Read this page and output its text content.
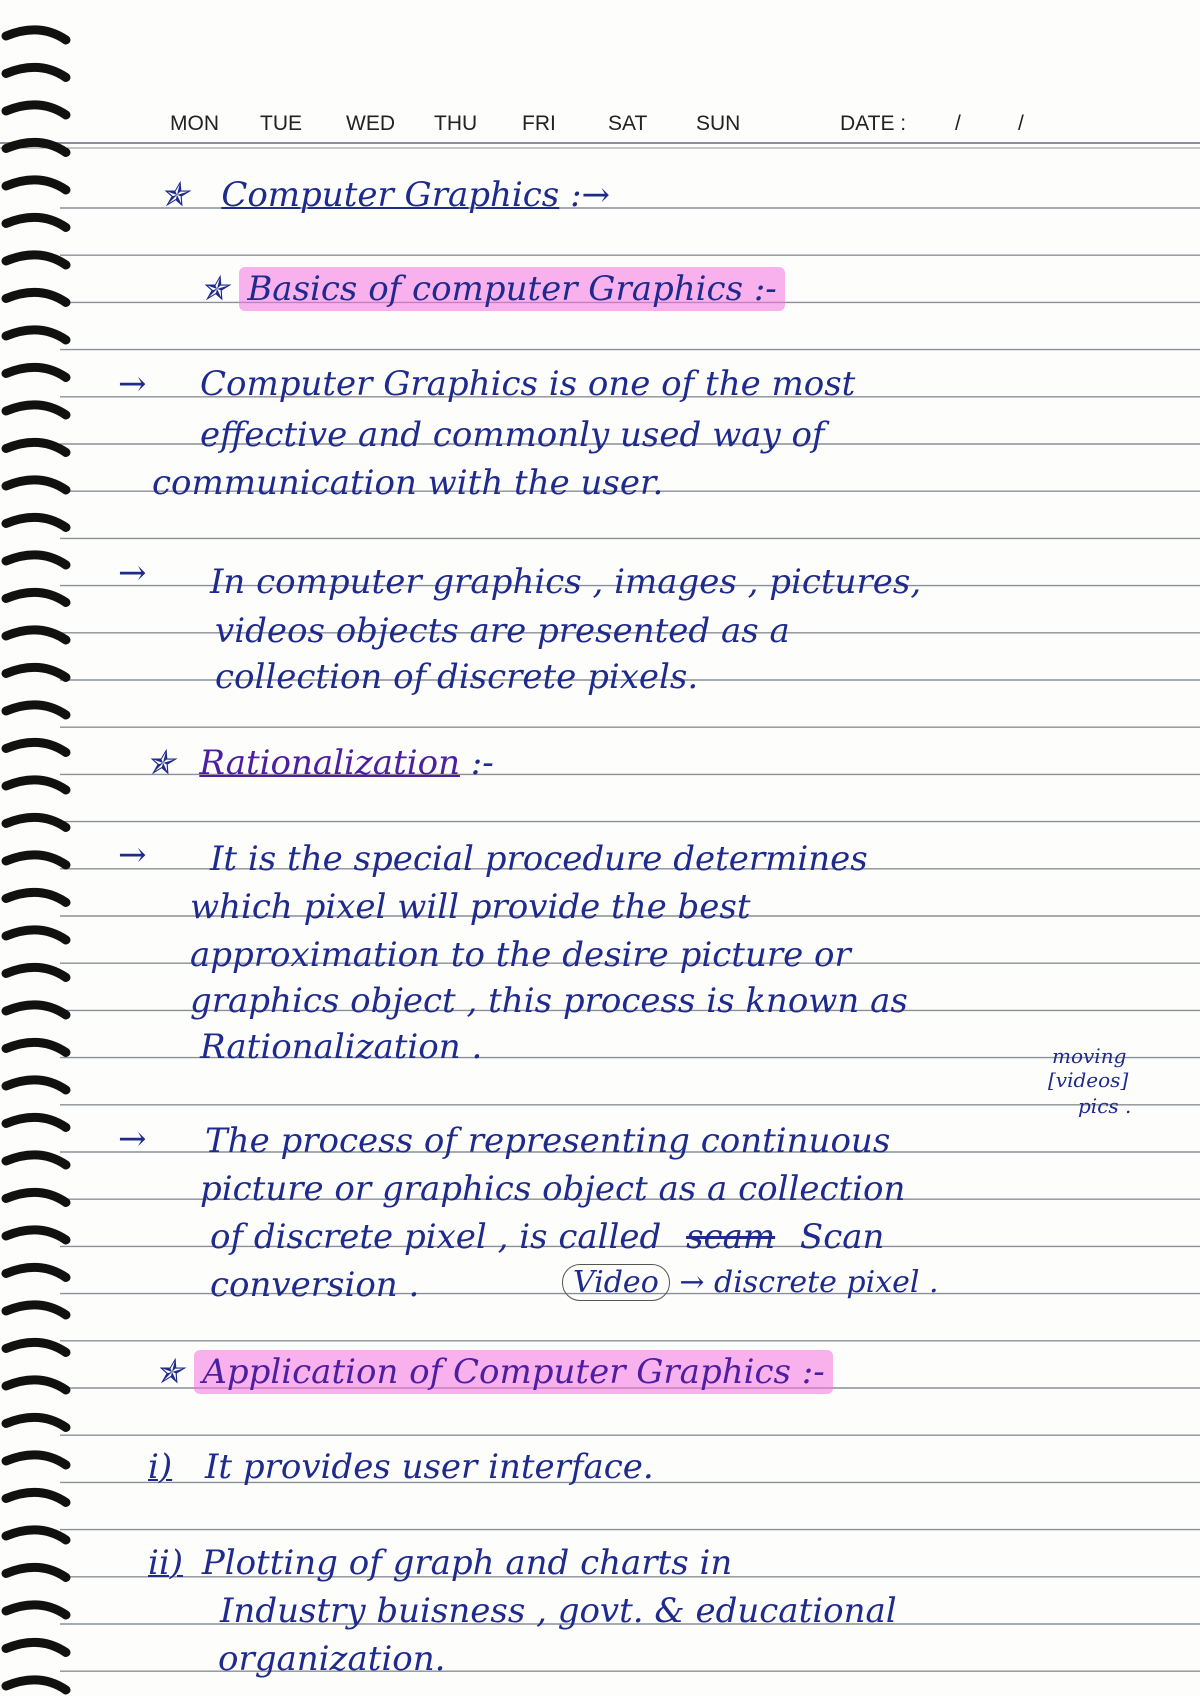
MON TUE WED THU FRI SAT SUN	DATE : /	/
✯ Computer Graphics :→
✯ Basics of computer Graphics :-
→ Computer Graphics is one of the most
effective and commonly used way of
communication with the user.
→ In computer graphics , images , pictures,
videos objects are presented as a
collection of discrete pixels.
✯ Rationalization :-
→ It is the special procedure determines
which pixel will provide the best
approximation to the desire picture or
graphics object , this process is known as
Rationalization .	moving
[videos]
pics .
→ The process of representing continuous
picture or graphics object as a collection
of discrete pixel , is called scam Scan
conversion .	Video → discrete pixel .
✯ Application of Computer Graphics :-
i) It provides user interface.
ii) Plotting of graph and charts in
Industry buisness , govt. & educational
organization.
